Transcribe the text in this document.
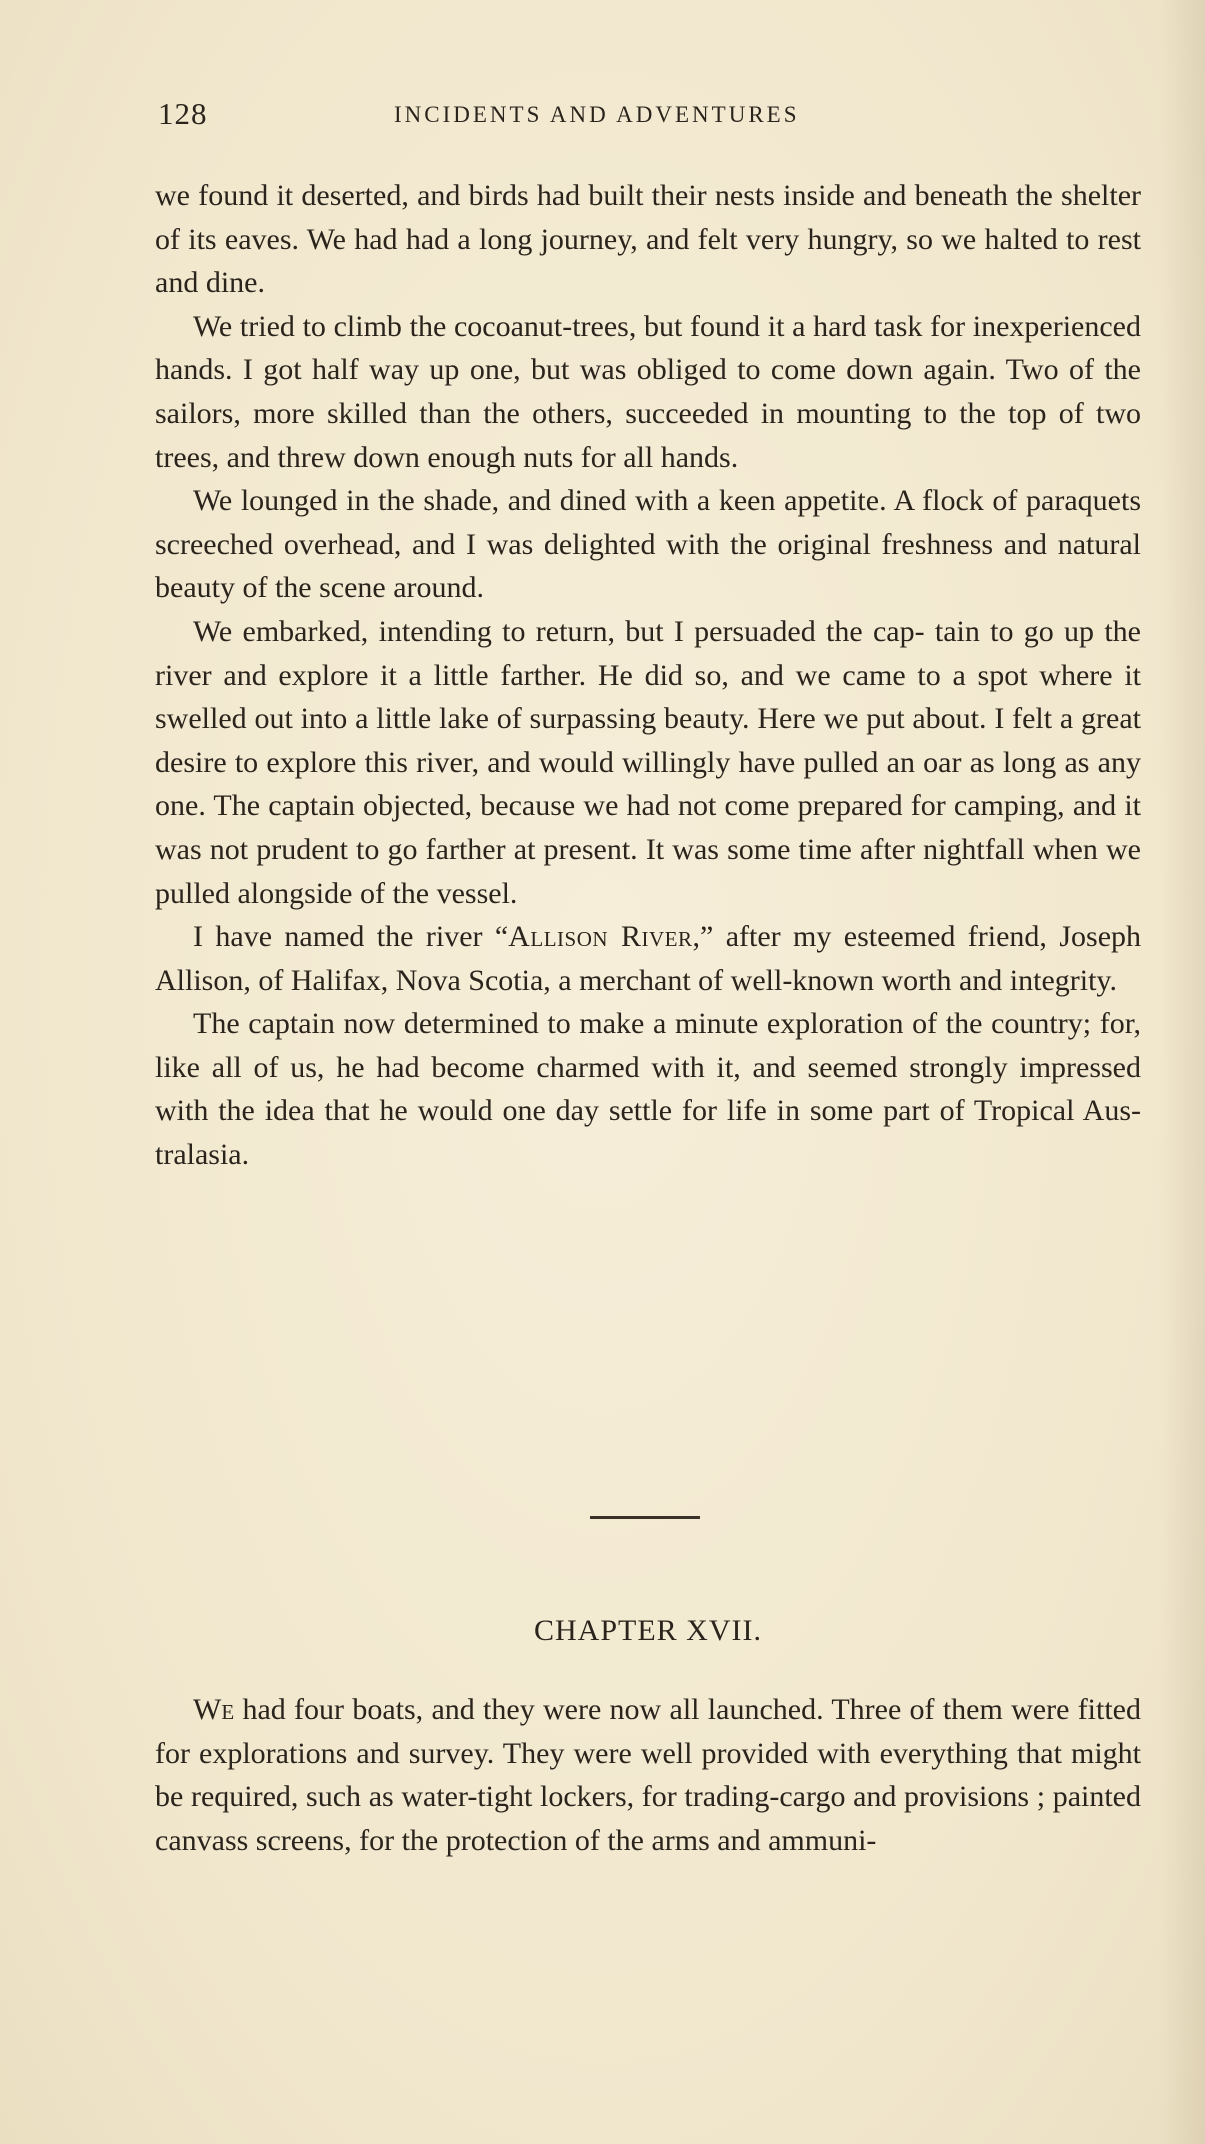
128	INCIDENTS AND ADVENTURES

we found it deserted, and birds had built their nests inside and beneath the shelter of its eaves. We had had a long journey, and felt very hungry, so we halted to rest and dine.

We tried to climb the cocoanut-trees, but found it a hard task for inexperienced hands. I got half way up one, but was obliged to come down again. Two of the sailors, more skilled than the others, succeeded in mounting to the top of two trees, and threw down enough nuts for all hands.

We lounged in the shade, and dined with a keen appetite. A flock of paraquets screeched overhead, and I was delighted with the original freshness and natural beauty of the scene around.

We embarked, intending to return, but I persuaded the cap- tain to go up the river and explore it a little farther. He did so, and we came to a spot where it swelled out into a little lake of surpassing beauty. Here we put about. I felt a great desire to explore this river, and would willingly have pulled an oar as long as any one. The captain objected, because we had not come prepared for camping, and it was not prudent to go farther at present. It was some time after nightfall when we pulled alongside of the vessel.

I have named the river “Allison River,” after my esteemed friend, Joseph Allison, of Halifax, Nova Scotia, a merchant of well-known worth and integrity.

The captain now determined to make a minute exploration of the country; for, like all of us, he had become charmed with it, and seemed strongly impressed with the idea that he would one day settle for life in some part of Tropical Aus- tralasia.

CHAPTER XVII.

We had four boats, and they were now all launched. Three of them were fitted for explorations and survey. They were well provided with everything that might be required, such as water-tight lockers, for trading-cargo and provisions ; painted canvass screens, for the protection of the arms and ammuni-
